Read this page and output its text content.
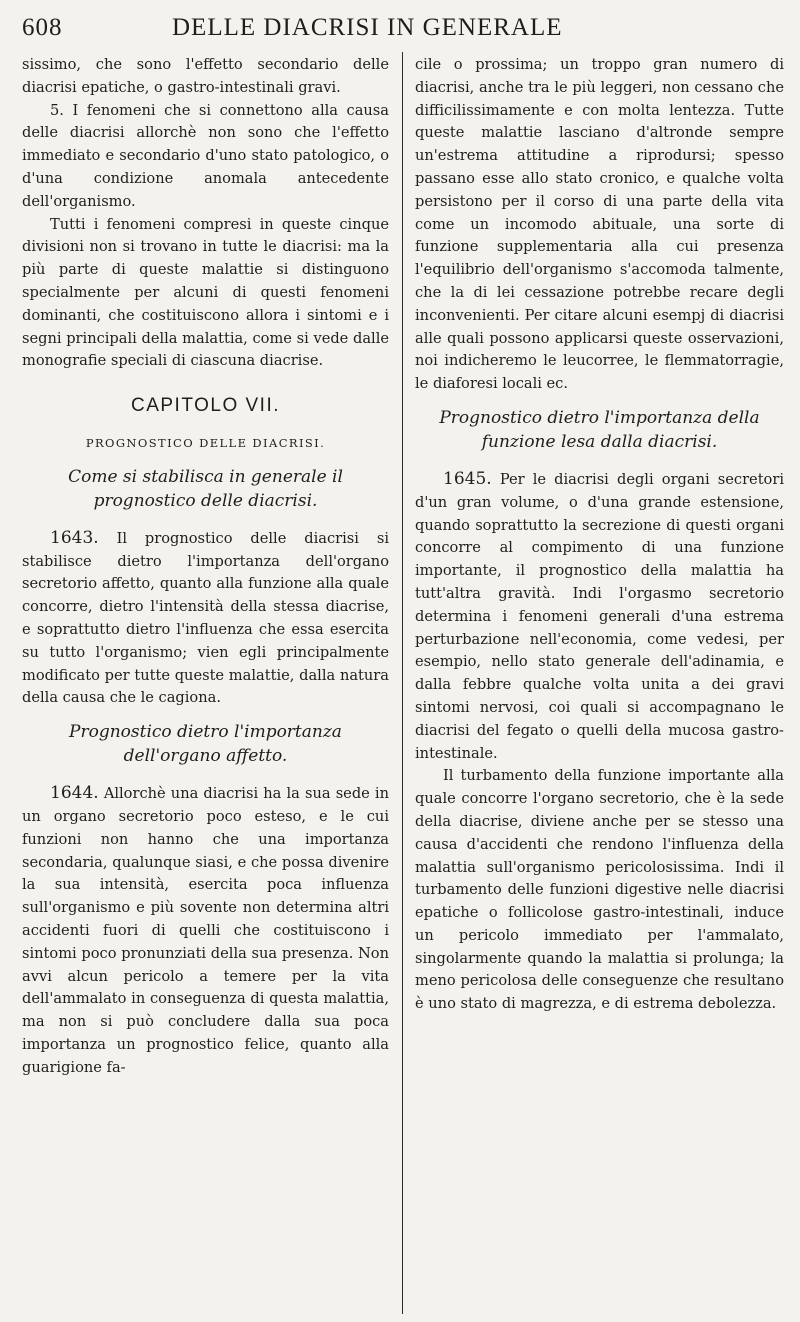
608	DELLE DIACRISI IN GENERALE

sissimo, che sono l'effetto secondario delle diacrisi epatiche, o gastro-intestinali gravi.

5. I fenomeni che si connettono alla causa delle diacrisi allorchè non sono che l'effetto immediato e secondario d'uno stato patologico, o d'una condizione anomala antecedente dell'organismo.

Tutti i fenomeni compresi in queste cinque divisioni non si trovano in tutte le diacrisi: ma la più parte di queste malattie si distinguono specialmente per alcuni di questi fenomeni dominanti, che costituiscono allora i sintomi e i segni principali della malattia, come si vede dalle monografie speciali di ciascuna diacrise.

CAPITOLO VII.
PROGNOSTICO DELLE DIACRISI.
Come si stabilisca in generale il prognostico delle diacrisi.

1643. Il prognostico delle diacrisi si stabilisce dietro l'importanza dell'organo secretorio affetto, quanto alla funzione alla quale concorre, dietro l'intensità della stessa diacrise, e soprattutto dietro l'influenza che essa esercita su tutto l'organismo; vien egli principalmente modificato per tutte queste malattie, dalla natura della causa che le cagiona.

Prognostico dietro l'importanza dell'organo affetto.

1644. Allorchè una diacrisi ha la sua sede in un organo secretorio poco esteso, e le cui funzioni non hanno che una importanza secondaria, qualunque siasi, e che possa divenire la sua intensità, esercita poca influenza sull'organismo e più sovente non determina altri accidenti fuori di quelli che costituiscono i sintomi poco pronunziati della sua presenza. Non avvi alcun pericolo a temere per la vita dell'ammalato in conseguenza di questa malattia, ma non si può concludere dalla sua poca importanza un prognostico felice, quanto alla guarigione fa-

cile o prossima; un troppo gran numero di diacrisi, anche tra le più leggeri, non cessano che difficilissimamente e con molta lentezza. Tutte queste malattie lasciano d'altronde sempre un'estrema attitudine a riprodursi; spesso passano esse allo stato cronico, e qualche volta persistono per il corso di una parte della vita come un incomodo abituale, una sorte di funzione supplementaria alla cui presenza l'equilibrio dell'organismo s'accomoda talmente, che la di lei cessazione potrebbe recare degli inconvenienti. Per citare alcuni esempj di diacrisi alle quali possono applicarsi queste osservazioni, noi indicheremo le leucorree, le flemmatorragie, le diaforesi locali ec.

Prognostico dietro l'importanza della funzione lesa dalla diacrisi.

1645. Per le diacrisi degli organi secretori d'un gran volume, o d'una grande estensione, quando soprattutto la secrezione di questi organi concorre al compimento di una funzione importante, il prognostico della malattia ha tutt'altra gravità. Indi l'orgasmo secretorio determina i fenomeni generali d'una estrema perturbazione nell'economia, come vedesi, per esempio, nello stato generale dell'adinamia, e dalla febbre qualche volta unita a dei gravi sintomi nervosi, coi quali si accompagnano le diacrisi del fegato o quelli della mucosa gastro-intestinale.

Il turbamento della funzione importante alla quale concorre l'organo secretorio, che è la sede della diacrise, diviene anche per se stesso una causa d'accidenti che rendono l'influenza della malattia sull'organismo pericolosissima. Indi il turbamento delle funzioni digestive nelle diacrisi epatiche o follicolose gastro-intestinali, induce un pericolo immediato per l'ammalato, singolarmente quando la malattia si prolunga; la meno pericolosa delle conseguenze che resultano è uno stato di magrezza, e di estrema debolezza.
